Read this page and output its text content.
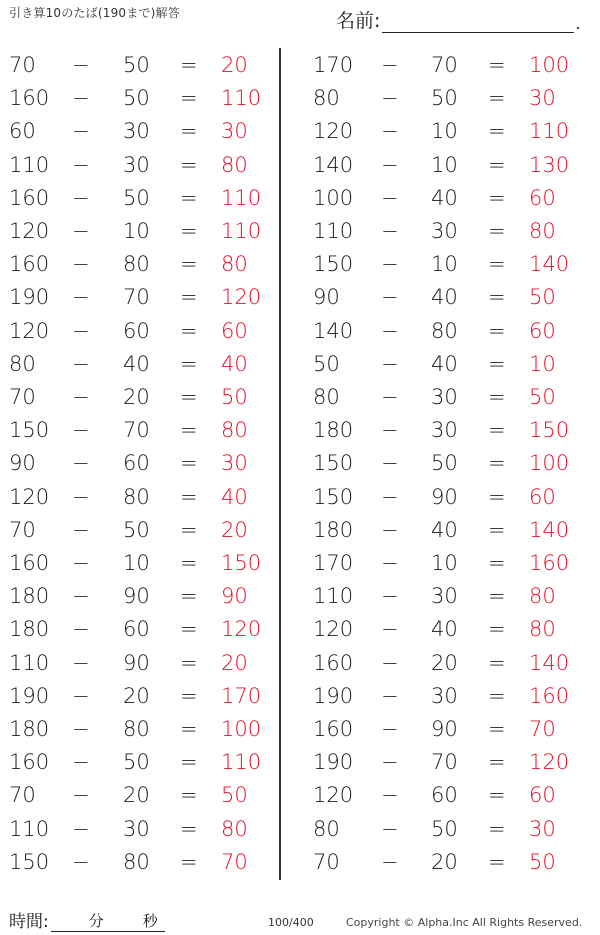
引き算10のたば(190まで)解答	名前:	.
70 − 50 = 20
160 − 50 = 110
60 − 30 = 30
110 − 30 = 80
160 − 50 = 110
120 − 10 = 110
160 − 80 = 80
190 − 70 = 120
120 − 60 = 60
80 − 40 = 40
70 − 20 = 50
150 − 70 = 80
90 − 60 = 30
120 − 80 = 40
70 − 50 = 20
160 − 10 = 150
180 − 90 = 90
180 − 60 = 120
110 − 90 = 20
190 − 20 = 170
180 − 80 = 100
160 − 50 = 110
70 − 20 = 50
110 − 30 = 80
150 − 80 = 70
170 − 70 = 100
80 − 50 = 30
120 − 10 = 110
140 − 10 = 130
100 − 40 = 60
110 − 30 = 80
150 − 10 = 140
90 − 40 = 50
140 − 80 = 60
50 − 40 = 10
80 − 30 = 50
180 − 30 = 150
150 − 50 = 100
150 − 90 = 60
180 − 40 = 140
170 − 10 = 160
110 − 30 = 80
120 − 40 = 80
160 − 20 = 140
190 − 30 = 160
160 − 90 = 70
190 − 70 = 120
120 − 60 = 60
80 − 50 = 30
70 − 20 = 50
時間:	分	秒	100/400	Copyright © Alpha.Inc All Rights Reserved.
